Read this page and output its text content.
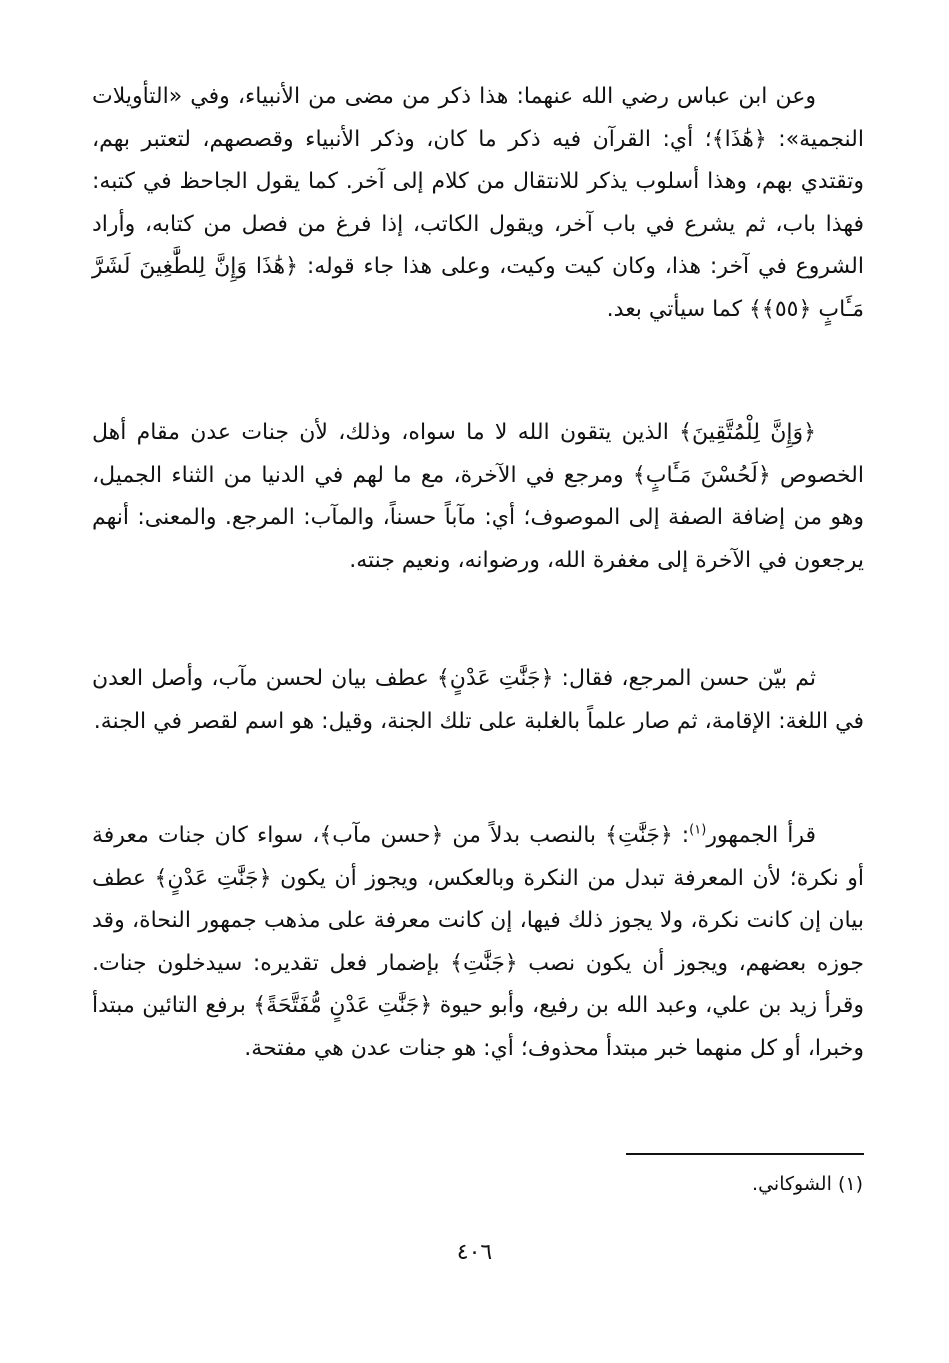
وعن ابن عباس رضي الله عنهما: هذا ذكر من مضى من الأنبياء، وفي «التأويلات النجمية»: ﴿هَٰذَا﴾؛ أي: القرآن فيه ذكر ما كان، وذكر الأنبياء وقصصهم، لتعتبر بهم، وتقتدي بهم، وهذا أسلوب يذكر للانتقال من كلام إلى آخر. كما يقول الجاحظ في كتبه: فهذا باب، ثم يشرع في باب آخر، ويقول الكاتب، إذا فرغ من فصل من كتابه، وأراد الشروع في آخر: هذا، وكان كيت وكيت، وعلى هذا جاء قوله: ﴿هَٰذَا وَإِنَّ لِلطَّٰغِينَ لَشَرَّ مَـَٔابٍ ﴿٥٥﴾﴾ كما سيأتي بعد.

﴿وَإِنَّ لِلْمُتَّقِينَ﴾ الذين يتقون الله لا ما سواه، وذلك، لأن جنات عدن مقام أهل الخصوص ﴿لَحُسْنَ مَـَٔابٍ﴾ ومرجع في الآخرة، مع ما لهم في الدنيا من الثناء الجميل، وهو من إضافة الصفة إلى الموصوف؛ أي: مآباً حسناً، والمآب: المرجع. والمعنى: أنهم يرجعون في الآخرة إلى مغفرة الله، ورضوانه، ونعيم جنته.

ثم بيّن حسن المرجع، فقال: ﴿جَنَّٰتِ عَدْنٍ﴾ عطف بيان لحسن مآب، وأصل العدن في اللغة: الإقامة، ثم صار علماً بالغلبة على تلك الجنة، وقيل: هو اسم لقصر في الجنة.

قرأ الجمهور$^{(١)}$: ﴿جَنَّٰتِ﴾ بالنصب بدلاً من ﴿حسن مآب﴾، سواء كان جنات معرفة أو نكرة؛ لأن المعرفة تبدل من النكرة وبالعكس، ويجوز أن يكون ﴿جَنَّٰتِ عَدْنٍ﴾ عطف بيان إن كانت نكرة، ولا يجوز ذلك فيها، إن كانت معرفة على مذهب جمهور النحاة، وقد جوزه بعضهم، ويجوز أن يكون نصب ﴿جَنَّٰتِ﴾ بإضمار فعل تقديره: سيدخلون جنات. وقرأ زيد بن علي، وعبد الله بن رفيع، وأبو حيوة ﴿جَنَّٰتِ عَدْنٍ مُّفَتَّحَةً﴾ برفع التائين مبتدأ وخبرا، أو كل منهما خبر مبتدأ محذوف؛ أي: هو جنات عدن هي مفتحة.

(١) الشوكاني.
٤٠٦
